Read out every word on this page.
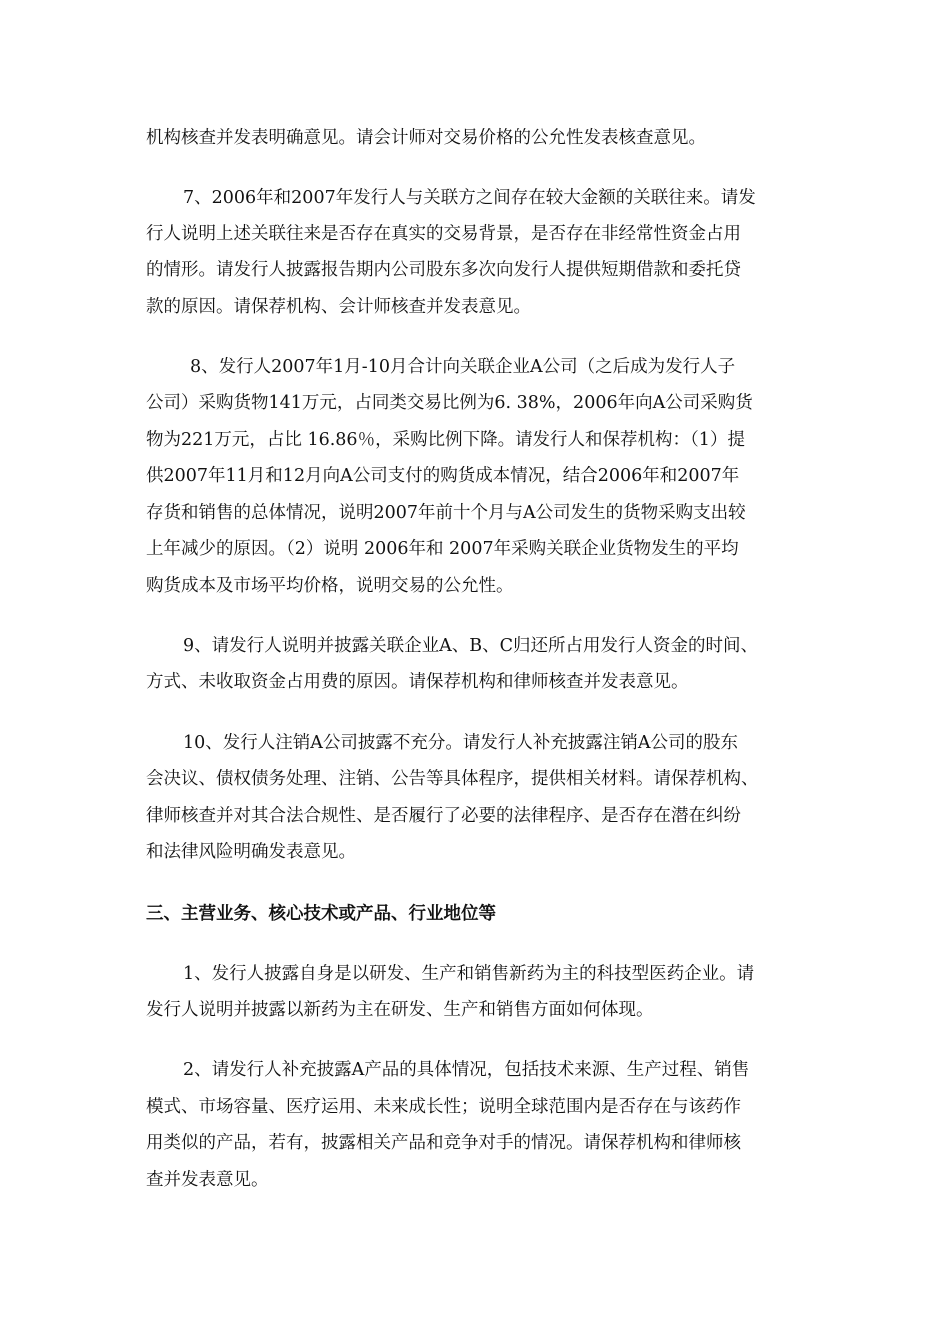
机构核查并发表明确意见。请会计师对交易价格的公允性发表核查意见。

7、2006年和2007年发行人与关联方之间存在较大金额的关联往来。请发

行人说明上述关联往来是否存在真实的交易背景，是否存在非经常性资金占用

的情形。请发行人披露报告期内公司股东多次向发行人提供短期借款和委托贷

款的原因。请保荐机构、会计师核查并发表意见。

8、发行人2007年1月-10月合计向关联企业A公司（之后成为发行人子

公司）采购货物141万元，占同类交易比例为6. 38%，2006年向A公司采购货

物为221万元，占比 16.86％，采购比例下降。请发行人和保荐机构：（1）提

供2007年11月和12月向A公司支付的购货成本情况，结合2006年和2007年

存货和销售的总体情况，说明2007年前十个月与A公司发生的货物采购支出较

上年减少的原因。（2）说明 2006年和 2007年采购关联企业货物发生的平均

购货成本及市场平均价格，说明交易的公允性。

9、请发行人说明并披露关联企业A、B、C归还所占用发行人资金的时间、

方式、未收取资金占用费的原因。请保荐机构和律师核查并发表意见。

10、发行人注销A公司披露不充分。请发行人补充披露注销A公司的股东

会决议、债权债务处理、注销、公告等具体程序，提供相关材料。请保荐机构、

律师核查并对其合法合规性、是否履行了必要的法律程序、是否存在潜在纠纷

和法律风险明确发表意见。

三、主营业务、核心技术或产品、行业地位等

1、发行人披露自身是以研发、生产和销售新药为主的科技型医药企业。请

发行人说明并披露以新药为主在研发、生产和销售方面如何体现。

2、请发行人补充披露A产品的具体情况，包括技术来源、生产过程、销售

模式、市场容量、医疗运用、未来成长性；说明全球范围内是否存在与该药作

用类似的产品，若有，披露相关产品和竞争对手的情况。请保荐机构和律师核

查并发表意见。
